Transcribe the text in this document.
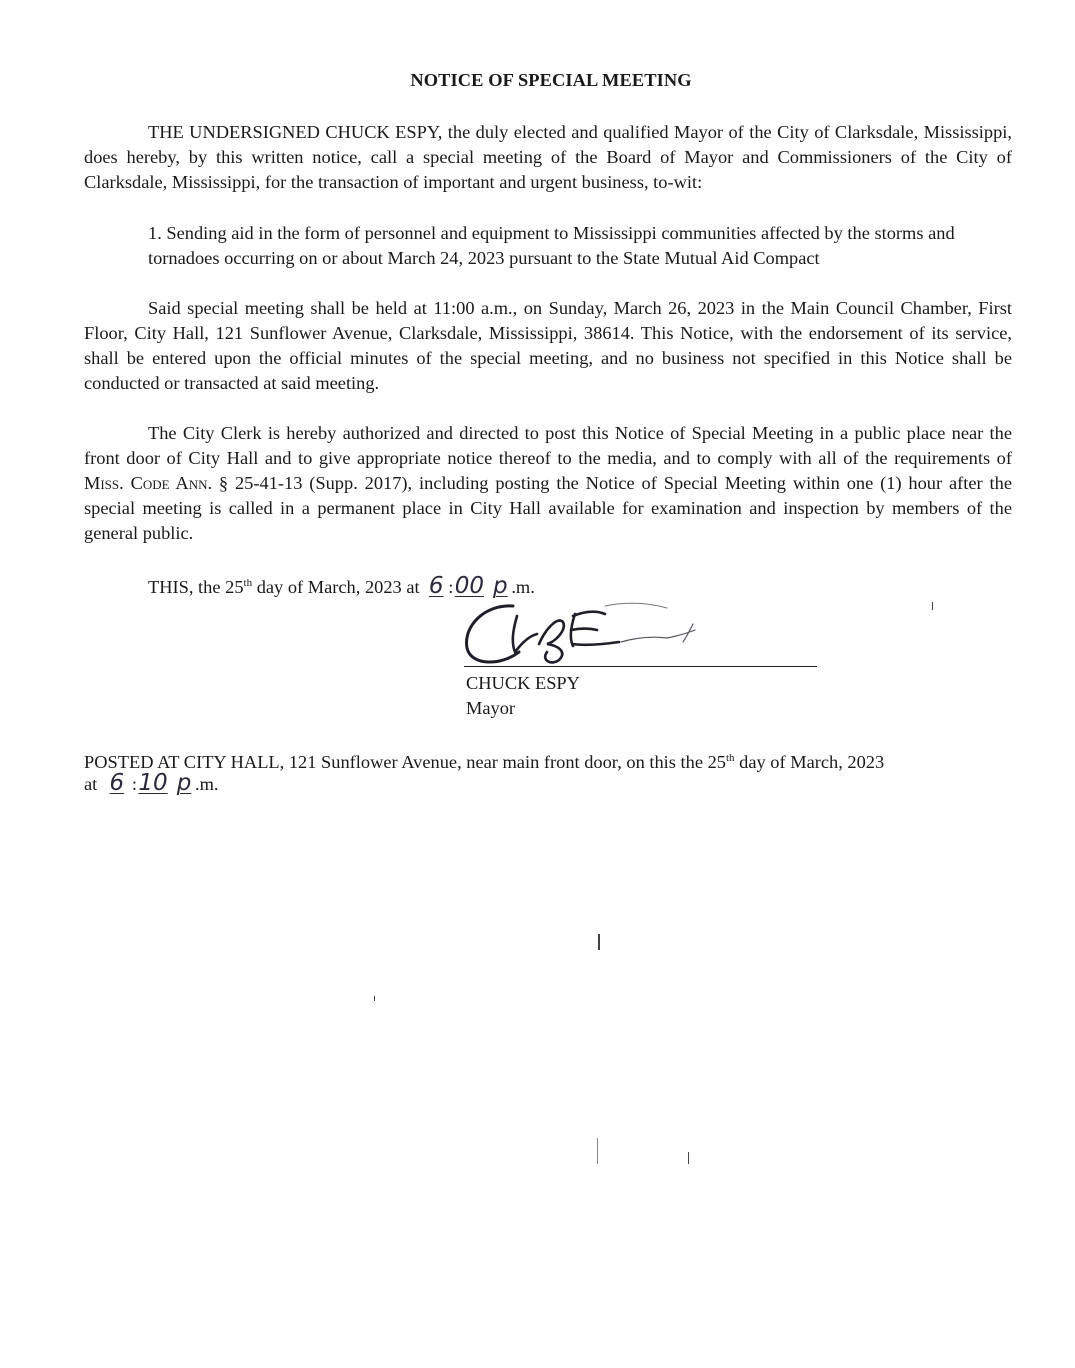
NOTICE OF SPECIAL MEETING
THE UNDERSIGNED CHUCK ESPY, the duly elected and qualified Mayor of the City of Clarksdale, Mississippi, does hereby, by this written notice, call a special meeting of the Board of Mayor and Commissioners of the City of Clarksdale, Mississippi, for the transaction of important and urgent business, to-wit:
1. Sending aid in the form of personnel and equipment to Mississippi communities affected by the storms and tornadoes occurring on or about March 24, 2023 pursuant to the State Mutual Aid Compact
Said special meeting shall be held at 11:00 a.m., on Sunday, March 26, 2023 in the Main Council Chamber, First Floor, City Hall, 121 Sunflower Avenue, Clarksdale, Mississippi, 38614. This Notice, with the endorsement of its service, shall be entered upon the official minutes of the special meeting, and no business not specified in this Notice shall be conducted or transacted at said meeting.
The City Clerk is hereby authorized and directed to post this Notice of Special Meeting in a public place near the front door of City Hall and to give appropriate notice thereof to the media, and to comply with all of the requirements of Miss. Code Ann. § 25-41-13 (Supp. 2017), including posting the Notice of Special Meeting within one (1) hour after the special meeting is called in a permanent place in City Hall available for examination and inspection by members of the general public.
THIS, the 25th day of March, 2023 at 6 :00 p .m.
CHUCK ESPY
Mayor
POSTED AT CITY HALL, 121 Sunflower Avenue, near main front door, on this the 25th day of March, 2023
at 6 :10 p .m.
